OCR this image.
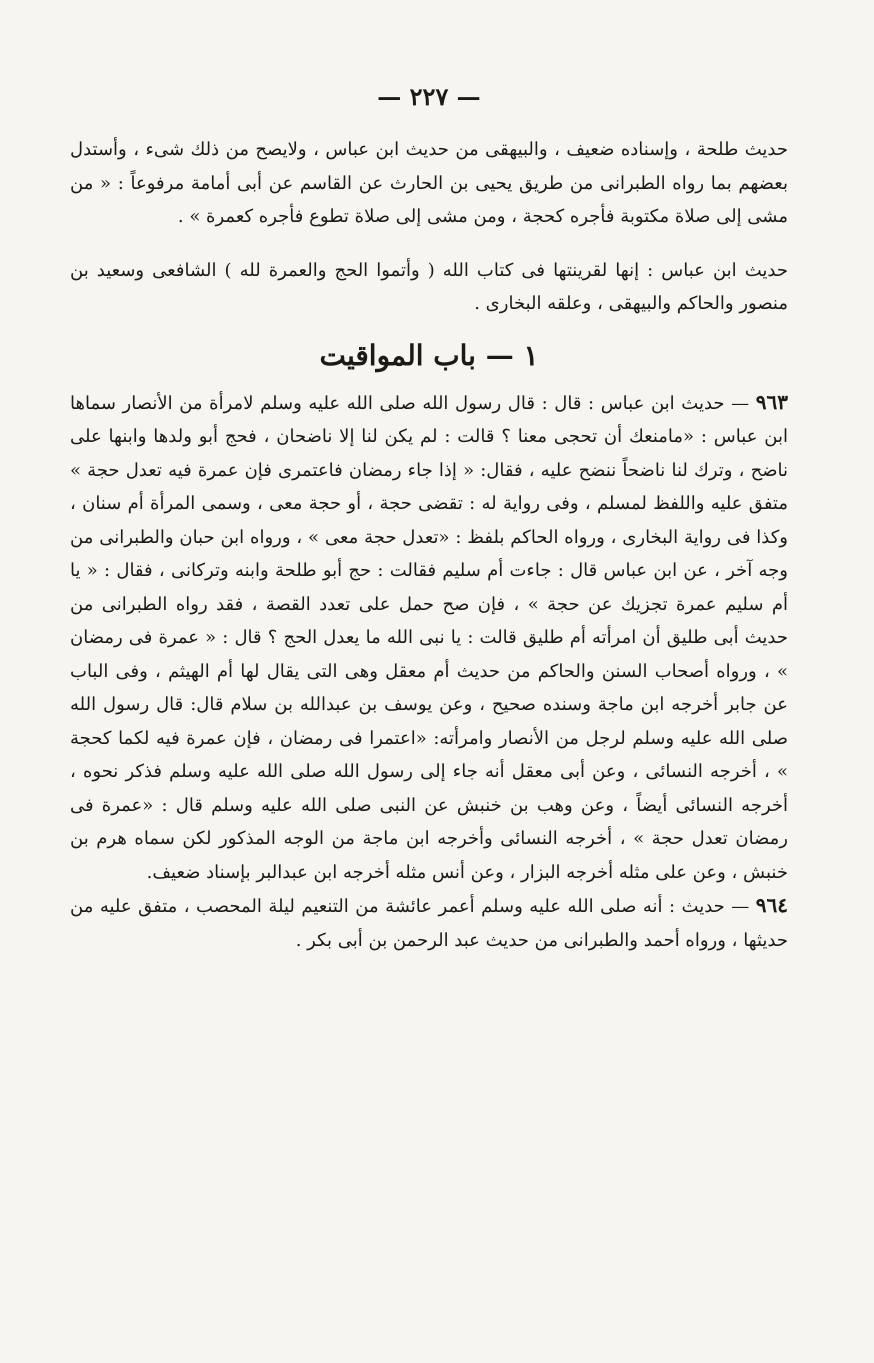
— ٢٢٧ —

حديث طلحة ، وإسناده ضعيف ، والبيهقى من حديث ابن عباس ، ولايصح من ذلك شىء ، وأستدل بعضهم بما رواه الطبرانى من طريق يحيى بن الحارث عن القاسم عن أبى أمامة مرفوعاً : « من مشى إلى صلاة مكتوبة فأجره كحجة ، ومن مشى إلى صلاة تطوع فأجره كعمرة » .

حديث ابن عباس : إنها لقرينتها فى كتاب الله ( وأتموا الحج والعمرة لله ) الشافعى وسعيد بن منصور والحاكم والبيهقى ، وعلقه البخارى .

١ — باب المواقيت

٩٦٣ — حديث ابن عباس : قال : قال رسول الله صلى الله عليه وسلم لامرأة من الأنصار سماها ابن عباس : «مامنعك أن تحجى معنا ؟ قالت : لم يكن لنا إلا ناضحان ، فحج أبو ولدها وابنها على ناضح ، وترك لنا ناضحاً ننضح عليه ، فقال: « إذا جاء رمضان فاعتمرى فإن عمرة فيه تعدل حجة » متفق عليه واللفظ لمسلم ، وفى رواية له : تقضى حجة ، أو حجة معى ، وسمى المرأة أم سنان ، وكذا فى رواية البخارى ، ورواه الحاكم بلفظ : «تعدل حجة معى » ، ورواه ابن حبان والطبرانى من وجه آخر ، عن ابن عباس قال : جاءت أم سليم فقالت : حج أبو طلحة وابنه وتركانى ، فقال : « يا أم سليم عمرة تجزيك عن حجة » ، فإن صح حمل على تعدد القصة ، فقد رواه الطبرانى من حديث أبى طليق أن امرأته أم طليق قالت : يا نبى الله ما يعدل الحج ؟ قال : « عمرة فى رمضان » ، ورواه أصحاب السنن والحاكم من حديث أم معقل وهى التى يقال لها أم الهيثم ، وفى الباب عن جابر أخرجه ابن ماجة وسنده صحيح ، وعن يوسف بن عبدالله بن سلام قال: قال رسول الله صلى الله عليه وسلم لرجل من الأنصار وامرأته: «اعتمرا فى رمضان ، فإن عمرة فيه لكما كحجة » ، أخرجه النسائى ، وعن أبى معقل أنه جاء إلى رسول الله صلى الله عليه وسلم فذكر نحوه ، أخرجه النسائى أيضاً ، وعن وهب بن خنبش عن النبى صلى الله عليه وسلم قال : «عمرة فى رمضان تعدل حجة » ، أخرجه النسائى وأخرجه ابن ماجة من الوجه المذكور لكن سماه هرم بن خنبش ، وعن على مثله أخرجه البزار ، وعن أنس مثله أخرجه ابن عبدالبر بإسناد ضعيف.

٩٦٤ — حديث : أنه صلى الله عليه وسلم أعمر عائشة من التنعيم ليلة المحصب ، متفق عليه من حديثها ، ورواه أحمد والطبرانى من حديث عبد الرحمن بن أبى بكر .
